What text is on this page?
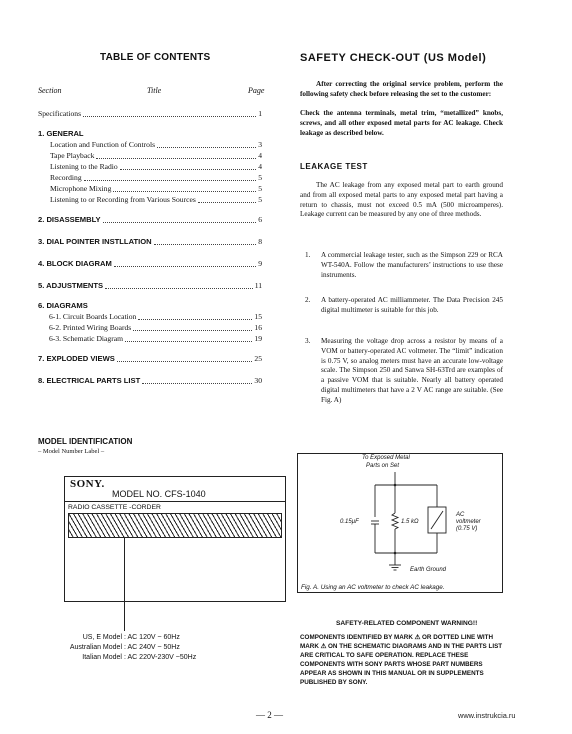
TABLE OF CONTENTS
Section	Title	Page
Specifications	1
1. GENERAL
Location and Function of Controls	3
Tape Playback	4
Listening to the Radio	4
Recording	5
Microphone Mixing	5
Listening to or Recording from Various Sources	5
2. DISASSEMBLY	6
3. DIAL POINTER INSTLLATION	8
4. BLOCK DIAGRAM	9
5. ADJUSTMENTS	11
6. DIAGRAMS
6-1. Circuit Boards Location	15
6-2. Printed Wiring Boards	16
6-3. Schematic Diagram	19
7. EXPLODED VIEWS	25
8. ELECTRICAL PARTS LIST	30
MODEL IDENTIFICATION
– Model Number Label –
SONY.
MODEL NO. CFS-1040
RADIO CASSETTE -CORDER
US, E Model : AC 120V ~ 60Hz
Australian Model : AC 240V ~ 50Hz
Italian Model : AC 220V-230V ~50Hz
SAFETY CHECK-OUT (US Model)
After correcting the original service problem, perform the following safety check before releasing the set to the customer:
Check the antenna terminals, metal trim, “metallized” knobs, screws, and all other exposed metal parts for AC leakage. Check leakage as described below.
LEAKAGE TEST
The AC leakage from any exposed metal part to earth ground and from all exposed metal parts to any exposed metal part having a return to chassis, must not exceed 0.5 mA (500 microamperes). Leakage current can be measured by any one of three methods.
1. A commercial leakage tester, such as the Simpson 229 or RCA WT-540A. Follow the manufacturers’ instructions to use these instruments.
2. A battery-operated AC milliammeter. The Data Precision 245 digital multimeter is suitable for this job.
3. Measuring the voltage drop across a resistor by means of a VOM or battery-operated AC voltmeter. The “limit” indication is 0.75 V, so analog meters must have an accurate low-voltage scale. The Simpson 250 and Sanwa SH-63Trd are examples of a passive VOM that is suitable. Nearly all battery operated digital multimeters that have a 2 V AC range are suitable. (See Fig. A)
To Exposed Metal
Parts on Set
0.15µF	1.5 kΩ
AC
voltmeter
(0.75 V)
Earth Ground
Fig. A. Using an AC voltmeter to check AC leakage.
SAFETY-RELATED COMPONENT WARNING!!
COMPONENTS IDENTIFIED BY MARK ⚠ OR DOTTED LINE WITH MARK ⚠ ON THE SCHEMATIC DIAGRAMS AND IN THE PARTS LIST ARE CRITICAL TO SAFE OPERATION. REPLACE THESE COMPONENTS WITH SONY PARTS WHOSE PART NUMBERS APPEAR AS SHOWN IN THIS MANUAL OR IN SUPPLEMENTS PUBLISHED BY SONY.
— 2 —	www.instrukcia.ru
